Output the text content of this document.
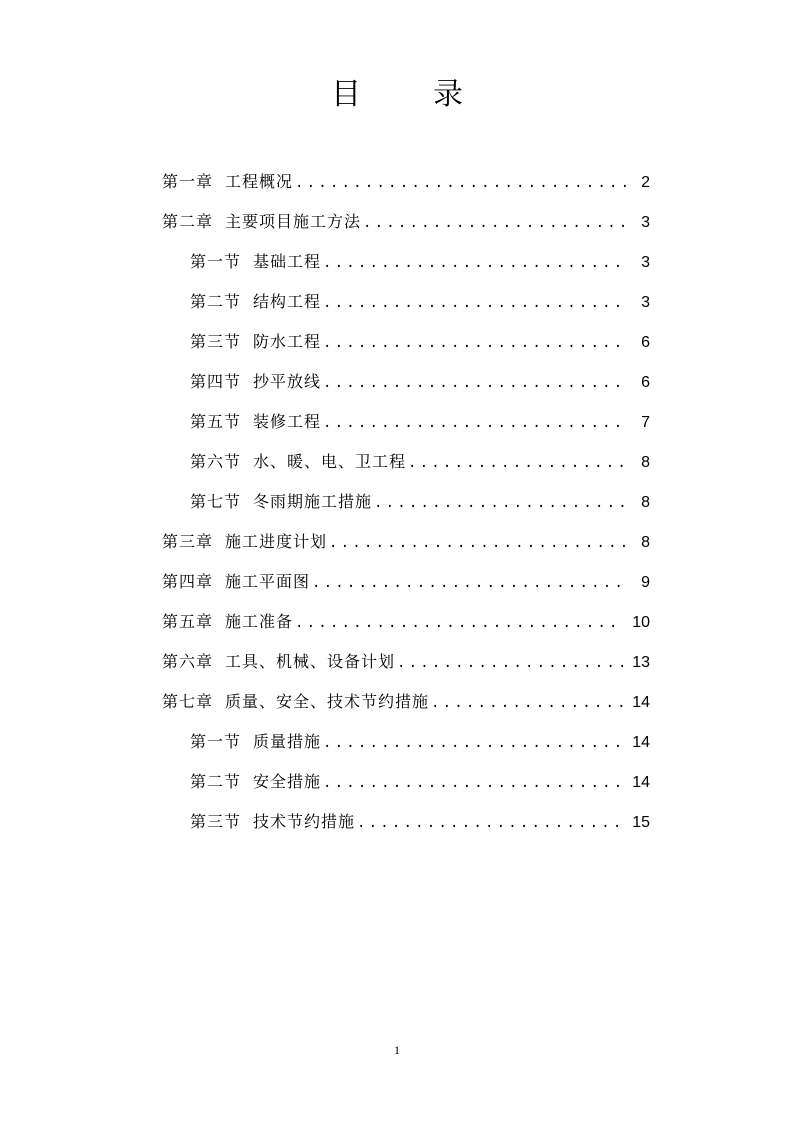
目录
第一章 工程概况 .....	2
第二章 主要项目施工方法 .....	3
第一节 基础工程 .....	3
第二节 结构工程 .....	3
第三节 防水工程 .....	6
第四节 抄平放线 .....	6
第五节 装修工程 .....	7
第六节 水、暖、电、卫工程 .....	8
第七节 冬雨期施工措施 .....	8
第三章 施工进度计划 .....	8
第四章 施工平面图 .....	9
第五章 施工准备 .....	10
第六章 工具、机械、设备计划 .....	13
第七章 质量、安全、技术节约措施 .....	14
第一节 质量措施 .....	14
第二节 安全措施 .....	14
第三节 技术节约措施 .....	15
1
